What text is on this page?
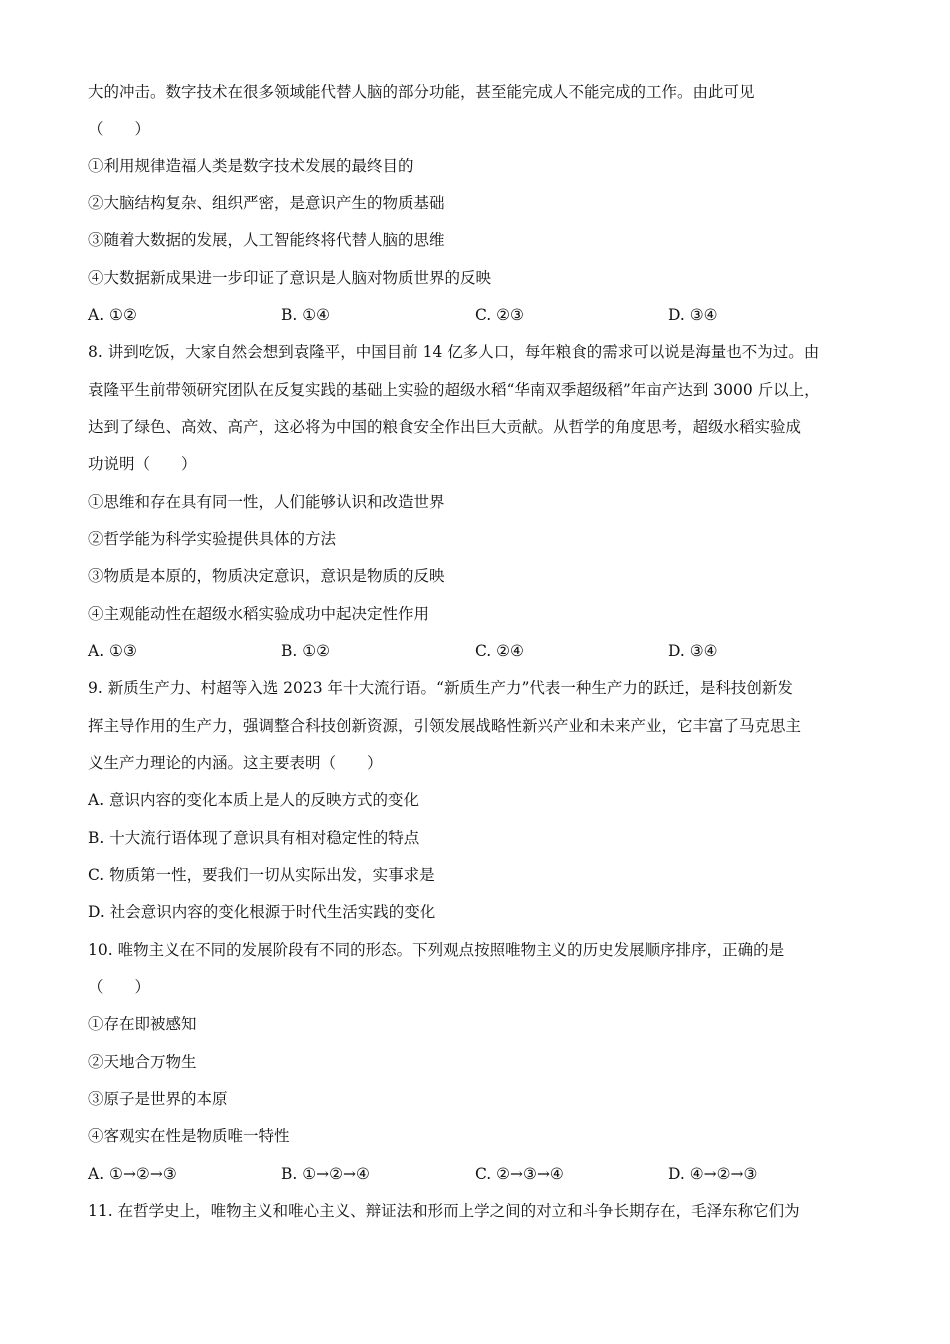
大的冲击。数字技术在很多领域能代替人脑的部分功能，甚至能完成人不能完成的工作。由此可见
（　　）
①利用规律造福人类是数字技术发展的最终目的
②大脑结构复杂、组织严密，是意识产生的物质基础
③随着大数据的发展，人工智能终将代替人脑的思维
④大数据新成果进一步印证了意识是人脑对物质世界的反映
A. ①②	B. ①④	C. ②③	D. ③④
8. 讲到吃饭，大家自然会想到袁隆平，中国目前 14 亿多人口，每年粮食的需求可以说是海量也不为过。由
袁隆平生前带领研究团队在反复实践的基础上实验的超级水稻“华南双季超级稻”年亩产达到 3000 斤以上，
达到了绿色、高效、高产，这必将为中国的粮食安全作出巨大贡献。从哲学的角度思考，超级水稻实验成
功说明（　　）
①思维和存在具有同一性，人们能够认识和改造世界
②哲学能为科学实验提供具体的方法
③物质是本原的，物质决定意识，意识是物质的反映
④主观能动性在超级水稻实验成功中起决定性作用
A. ①③	B. ①②	C. ②④	D. ③④
9. 新质生产力、村超等入选 2023 年十大流行语。“新质生产力”代表一种生产力的跃迁，是科技创新发
挥主导作用的生产力，强调整合科技创新资源，引领发展战略性新兴产业和未来产业，它丰富了马克思主
义生产力理论的内涵。这主要表明（　　）
A. 意识内容的变化本质上是人的反映方式的变化
B. 十大流行语体现了意识具有相对稳定性的特点
C. 物质第一性，要我们一切从实际出发，实事求是
D. 社会意识内容的变化根源于时代生活实践的变化
10. 唯物主义在不同的发展阶段有不同的形态。下列观点按照唯物主义的历史发展顺序排序，正确的是
（　　）
①存在即被感知
②天地合万物生
③原子是世界的本原
④客观实在性是物质唯一特性
A. ①→②→③	B. ①→②→④	C. ②→③→④	D. ④→②→③
11. 在哲学史上，唯物主义和唯心主义、辩证法和形而上学之间的对立和斗争长期存在，毛泽东称它们为
